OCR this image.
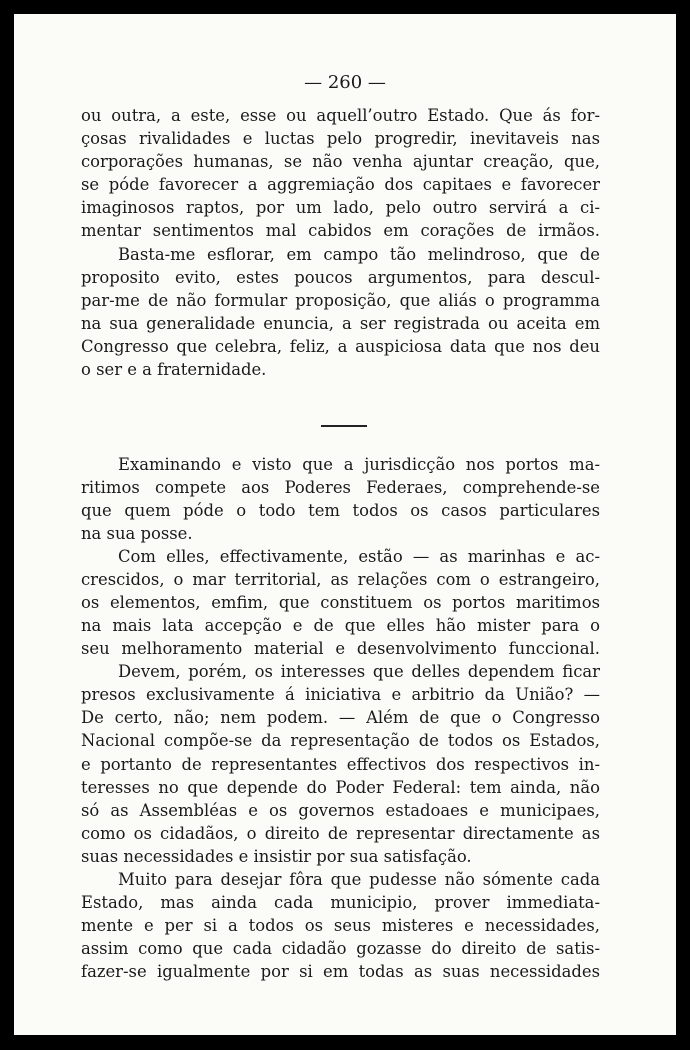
— 260 —
ou outra, a este, esse ou aquell’outro Estado. Que ás for-
çosas rivalidades e luctas pelo progredir, inevitaveis nas
corporações humanas, se não venha ajuntar creação, que,
se póde favorecer a aggremiação dos capitaes e favorecer
imaginosos raptos, por um lado, pelo outro servirá a ci-
mentar sentimentos mal cabidos em corações de irmãos.
Basta-me esflorar, em campo tão melindroso, que de
proposito evito, estes poucos argumentos, para descul-
par-me de não formular proposição, que aliás o programma
na sua generalidade enuncia, a ser registrada ou aceita em
Congresso que celebra, feliz, a auspiciosa data que nos deu
o ser e a fraternidade.
Examinando e visto que a jurisdicção nos portos ma-
ritimos compete aos Poderes Federaes, comprehende-se
que quem póde o todo tem todos os casos particulares
na sua posse.
Com elles, effectivamente, estão — as marinhas e ac-
crescidos, o mar territorial, as relações com o estrangeiro,
os elementos, emfim, que constituem os portos maritimos
na mais lata accepção e de que elles hão mister para o
seu melhoramento material e desenvolvimento funccional.
Devem, porém, os interesses que delles dependem ficar
presos exclusivamente á iniciativa e arbitrio da União? —
De certo, não; nem podem. — Além de que o Congresso
Nacional compõe-se da representação de todos os Estados,
e portanto de representantes effectivos dos respectivos in-
teresses no que depende do Poder Federal: tem ainda, não
só as Assembléas e os governos estadoaes e municipaes,
como os cidadãos, o direito de representar directamente as
suas necessidades e insistir por sua satisfação.
Muito para desejar fôra que pudesse não sómente cada
Estado, mas ainda cada municipio, prover immediata-
mente e per si a todos os seus misteres e necessidades,
assim como que cada cidadão gozasse do direito de satis-
fazer-se igualmente por si em todas as suas necessidades
